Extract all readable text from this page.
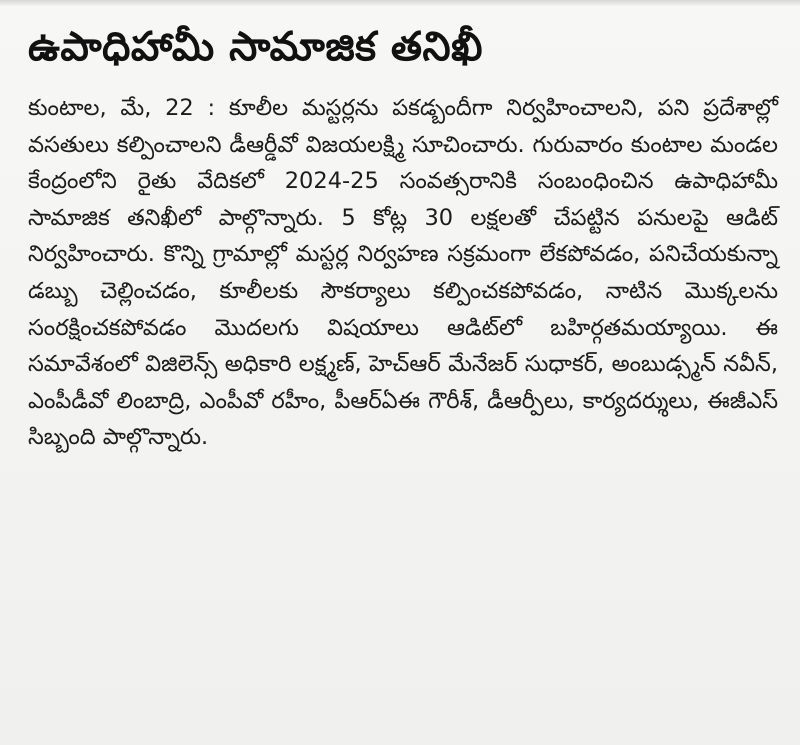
ఉపాధిహామీ సామాజిక తనిఖీ

కుంటాల, మే, 22 : కూలీల మస్టర్లను పకడ్బందీగా నిర్వహించాలని, పని ప్రదేశాల్లో వసతులు కల్పించాలని డీఆర్డీవో విజయలక్ష్మి సూచించారు. గురువారం కుంటాల మండల కేంద్రంలోని రైతు వేదికలో 2024-25 సంవత్సరానికి సంబంధించిన ఉపాధిహామీ సామాజిక తనిఖీలో పాల్గొన్నారు. 5 కోట్ల 30 లక్షలతో చేపట్టిన పనులపై ఆడిట్ నిర్వహించారు. కొన్ని గ్రామాల్లో మస్టర్ల నిర్వహణ సక్రమంగా లేకపోవడం, పనిచేయకున్నా డబ్బు చెల్లించడం, కూలీలకు సౌకర్యాలు కల్పించకపోవడం, నాటిన మొక్కలను సంరక్షించకపోవడం మొదలగు విషయాలు ఆడిట్‌లో బహిర్గతమయ్యాయి. ఈ సమావేశంలో విజిలెన్స్ అధికారి లక్ష్మణ్, హెచ్ఆర్ మేనేజర్ సుధాకర్, అంబుడ్స్మన్ నవీన్, ఎంపీడీవో లింబాద్రి, ఎంపీవో రహీం, పీఆర్ఏఈ గౌరీశ్, డీఆర్పీలు, కార్యదర్శులు, ఈజీఎస్ సిబ్బంది పాల్గొన్నారు.
